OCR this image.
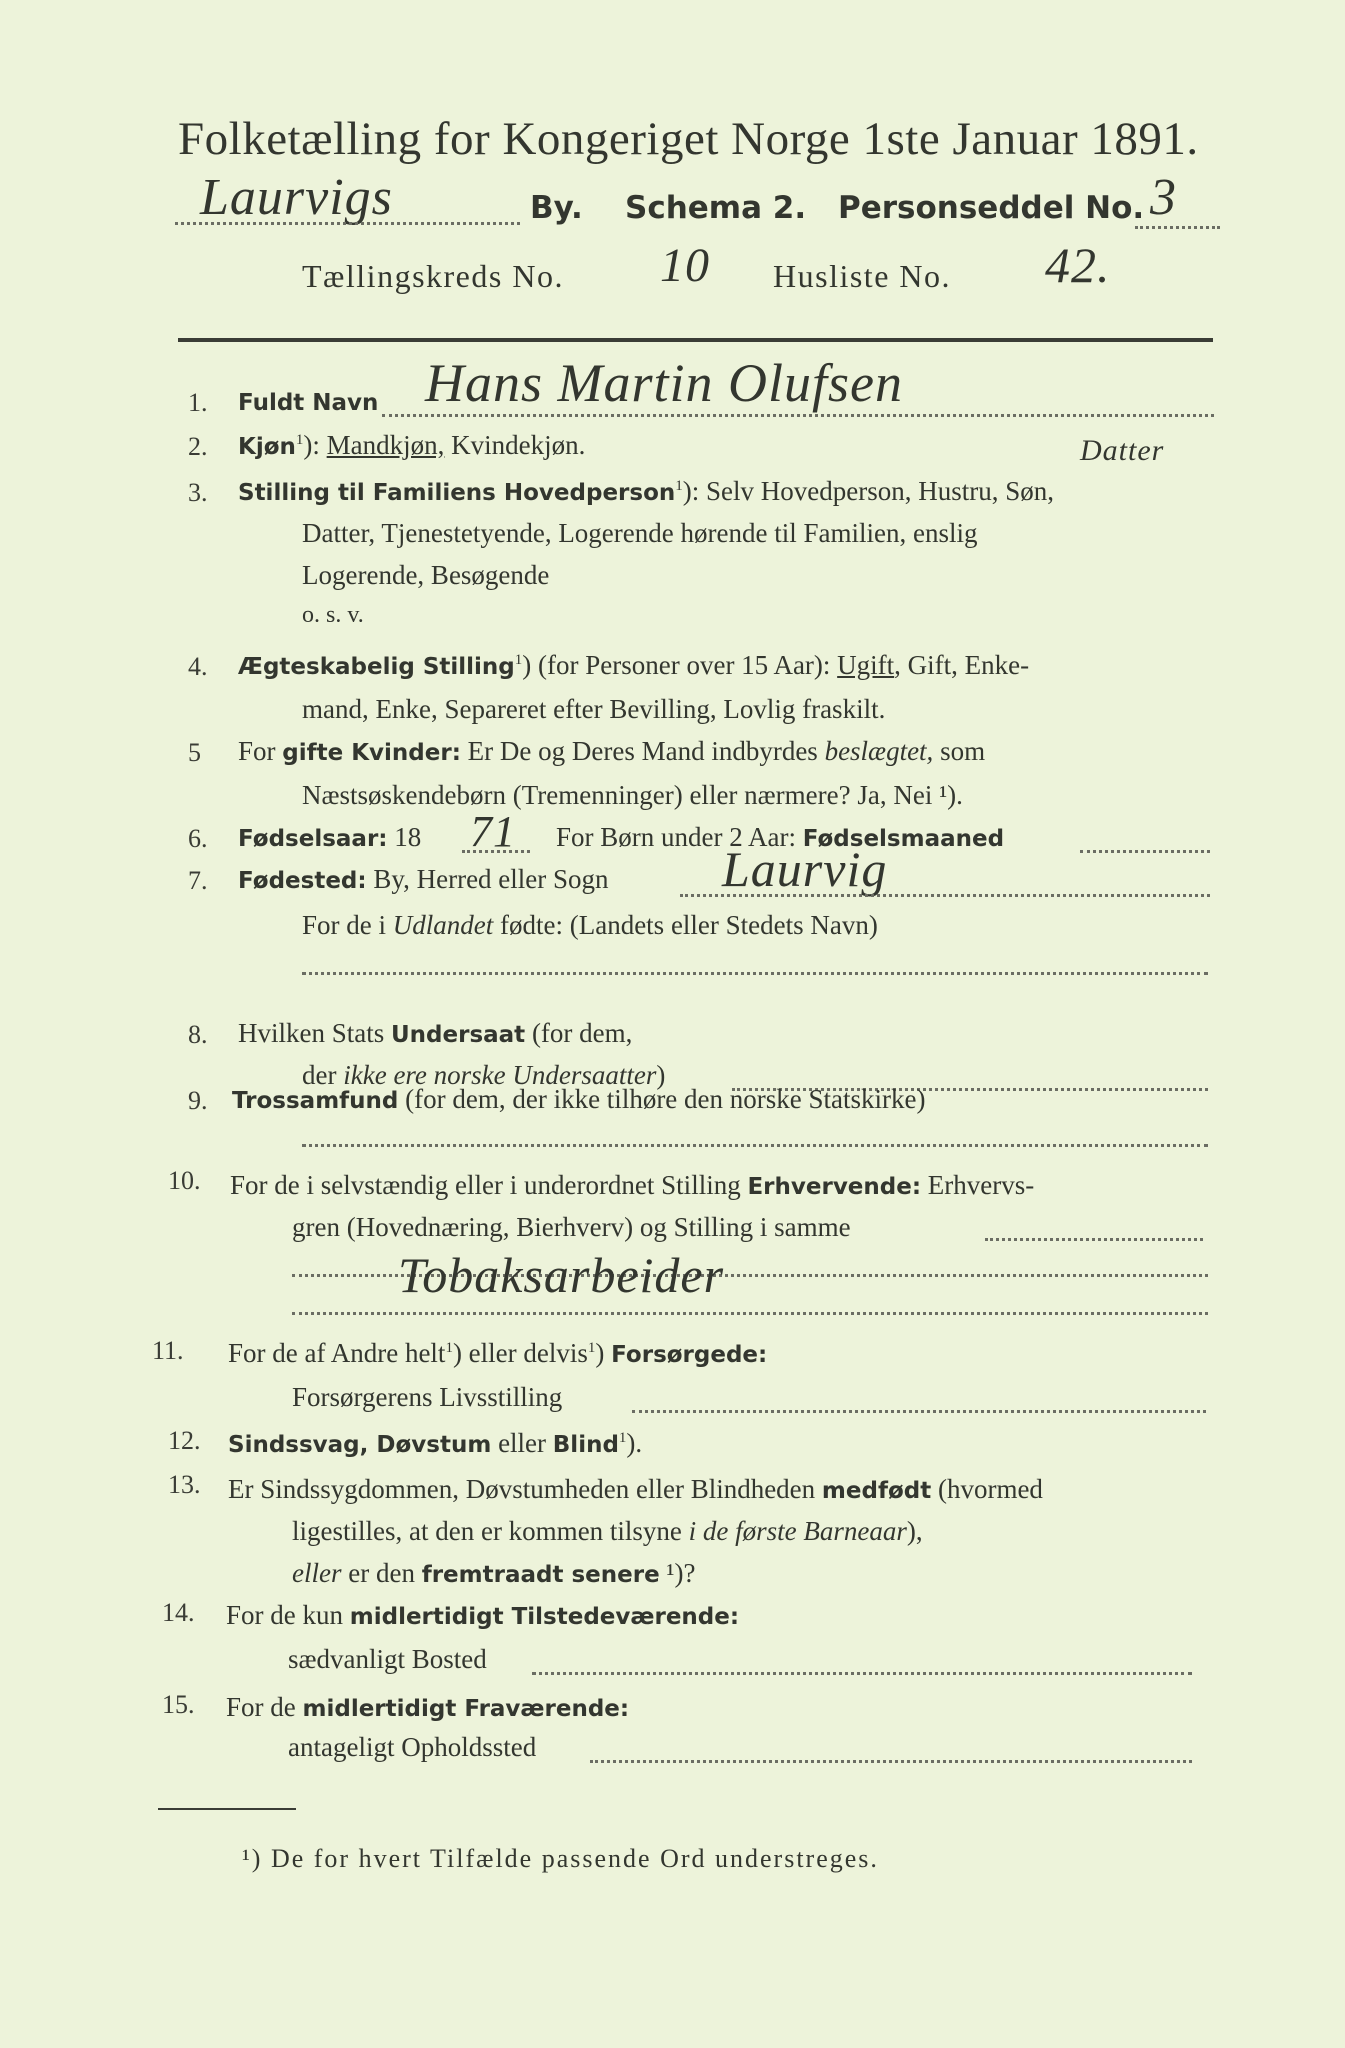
Folketælling for Kongeriget Norge 1ste Januar 1891.
Laurvigs	By. Schema 2. Personseddel No. 3
Tællingskreds No. 10 Husliste No. 42.
1. Fuldt Navn Hans Martin Olufsen
2. Kjøn$^1$): Mandkjøn, Kvindekjøn.	Datter
3. Stilling til Familiens Hovedperson$^1$): Selv Hovedperson, Hustru, Søn,
Datter, Tjenestetyende, Logerende hørende til Familien, enslig
Logerende, Besøgende
o. s. v.
4. Ægteskabelig Stilling$^1$) (for Personer over 15 Aar): Ugift, Gift, Enke-
mand, Enke, Separeret efter Bevilling, Lovlig fraskilt.
5 For gifte Kvinder: Er De og Deres Mand indbyrdes beslægtet, som
Næstsøskendebørn (Tremenninger) eller nærmere? Ja, Nei ¹).
6. Fødselsaar: 18 71 For Børn under 2 Aar: Fødselsmaaned
7. Fødested: By, Herred eller Sogn Laurvig
For de i Udlandet fødte: (Landets eller Stedets Navn)
8. Hvilken Stats Undersaat (for dem,
der ikke ere norske Undersaatter)
9. Trossamfund (for dem, der ikke tilhøre den norske Statskirke)
10. For de i selvstændig eller i underordnet Stilling Erhvervende: Erhvervs-
gren (Hovednæring, Bierhverv) og Stilling i samme
Tobaksarbeider
11. For de af Andre helt$^1$) eller delvis$^1$) Forsørgede:
Forsørgerens Livsstilling
12. Sindssvag, Døvstum eller Blind$^1$).
13. Er Sindssygdommen, Døvstumheden eller Blindheden medfødt (hvormed
ligestilles, at den er kommen tilsyne i de første Barneaar),
eller er den fremtraadt senere ¹)?
14. For de kun midlertidigt Tilstedeværende:
sædvanligt Bosted
15. For de midlertidigt Fraværende:
antageligt Opholdssted
¹) De for hvert Tilfælde passende Ord understreges.
